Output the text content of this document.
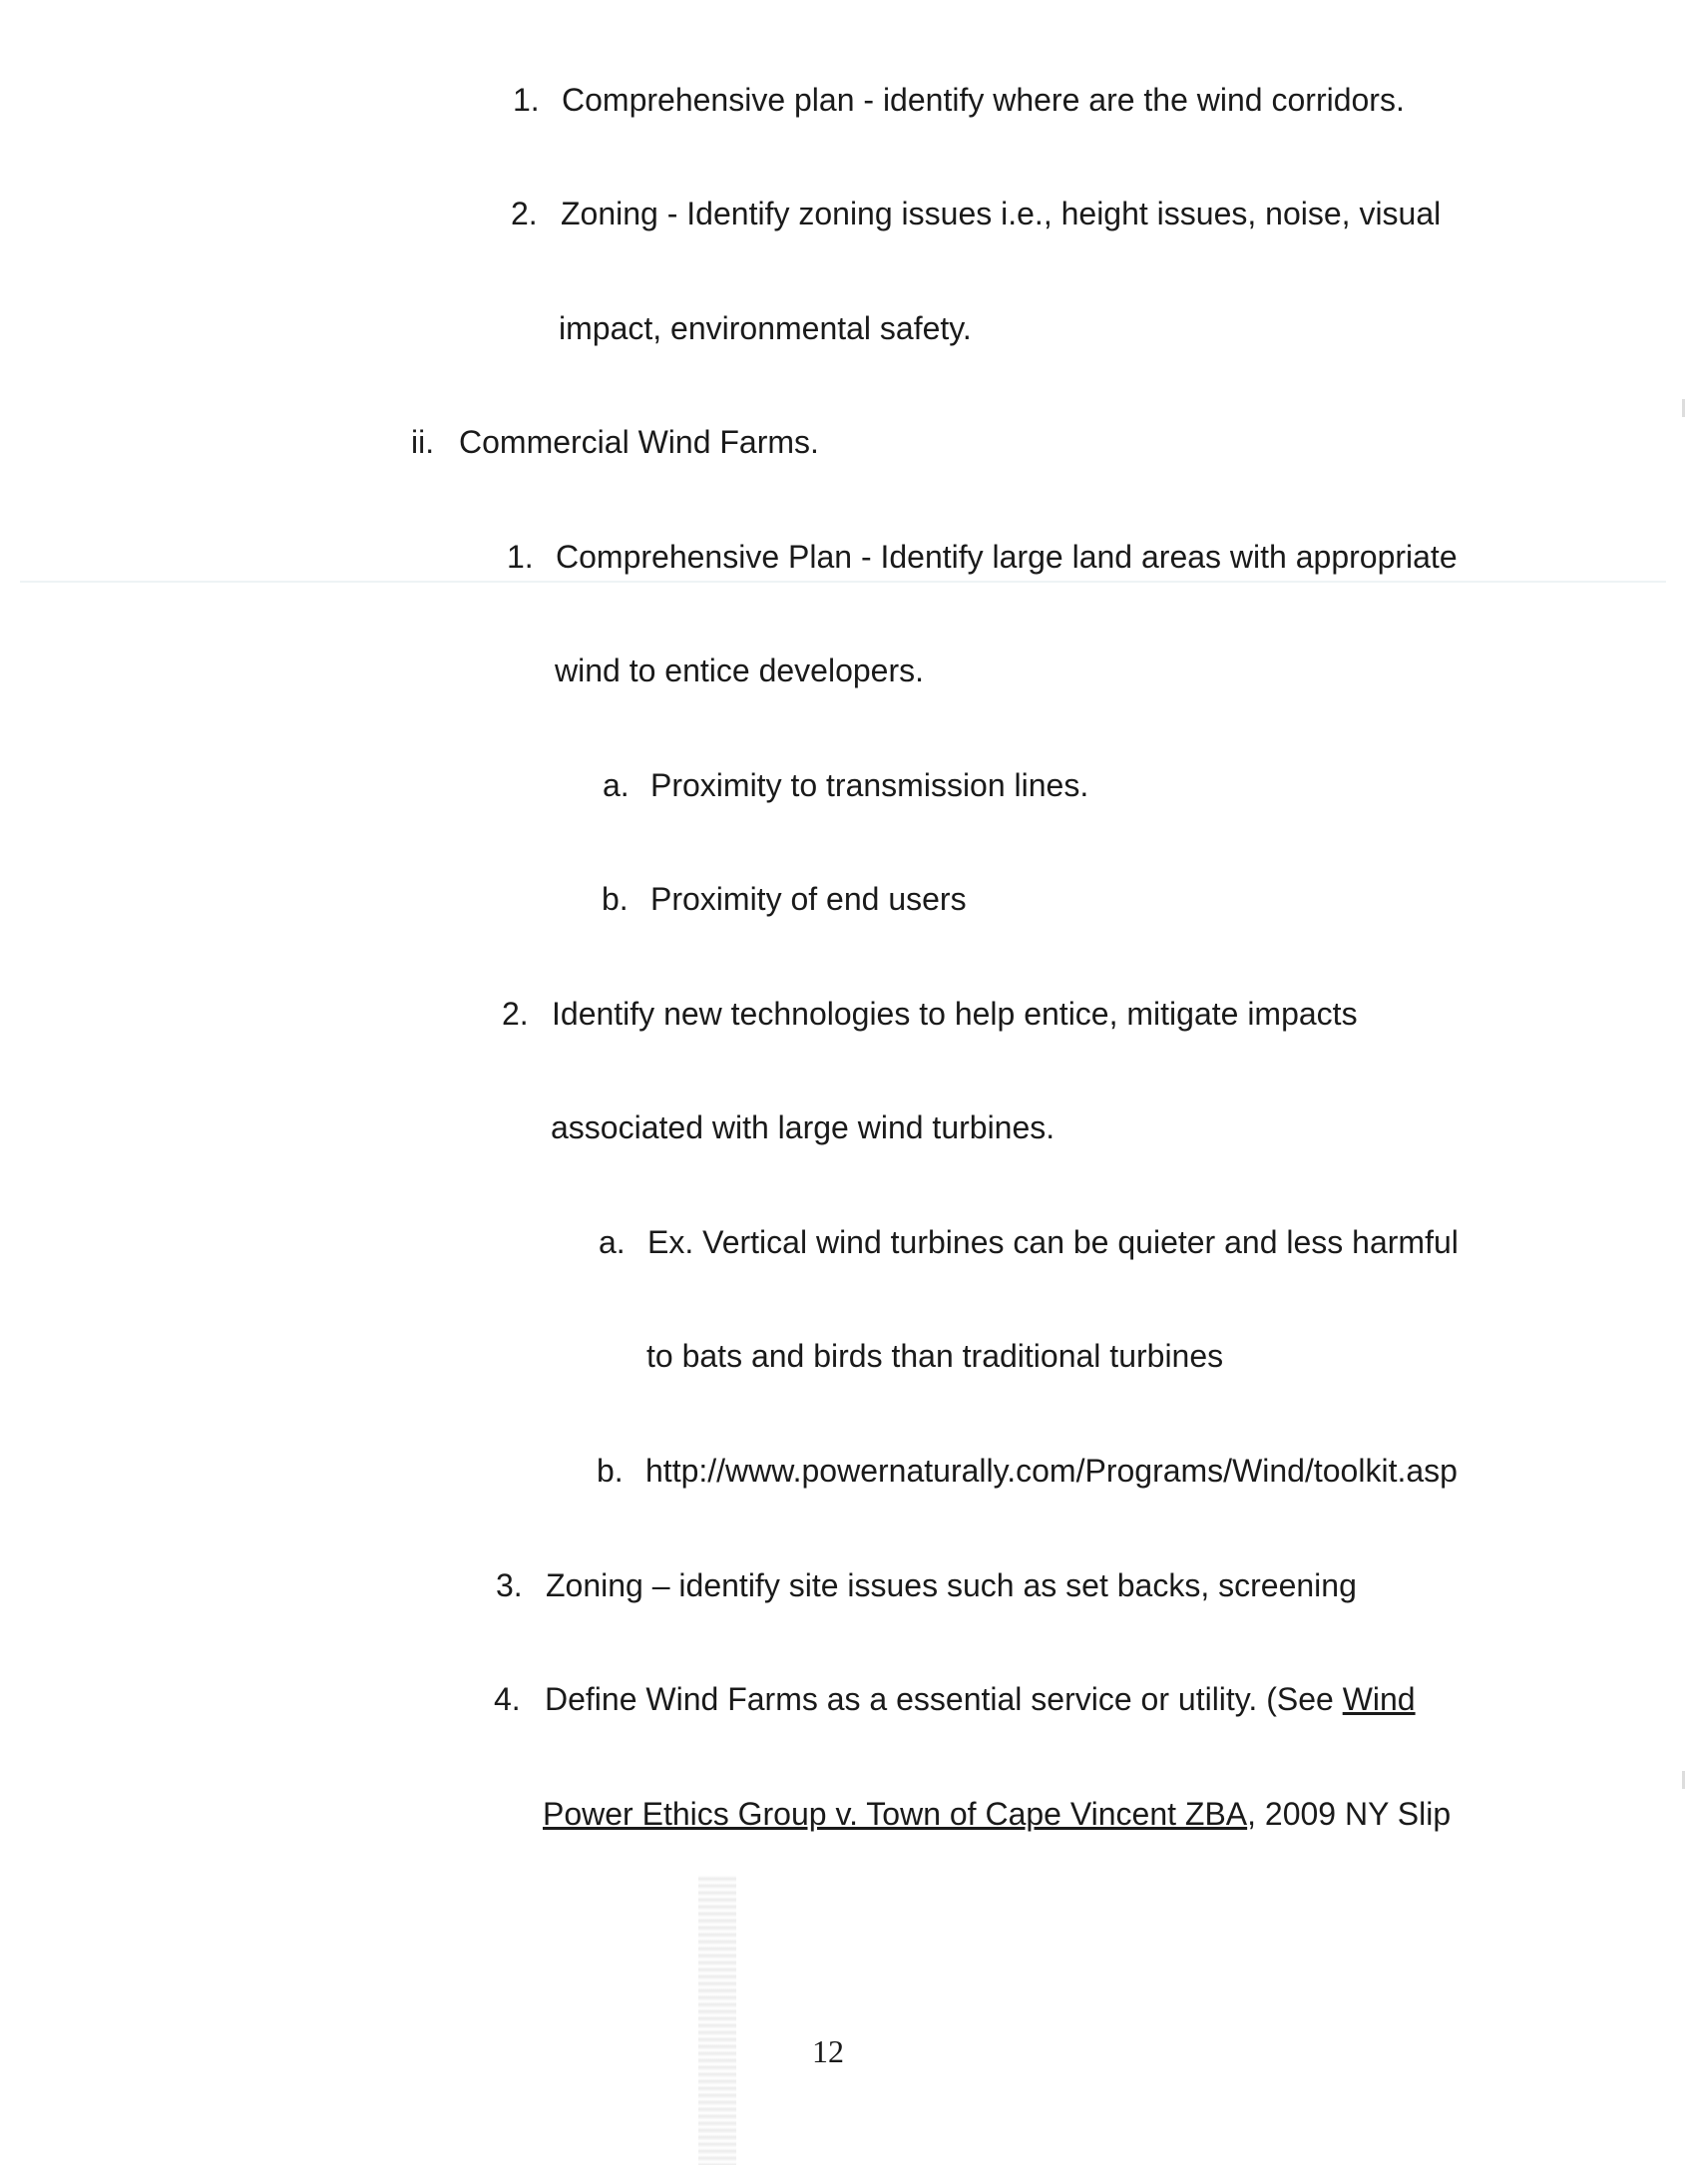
1. Comprehensive plan - identify where are the wind corridors.
2. Zoning - Identify zoning issues i.e., height issues, noise, visual
impact, environmental safety.
ii. Commercial Wind Farms.
1. Comprehensive Plan - Identify large land areas with appropriate
wind to entice developers.
a. Proximity to transmission lines.
b. Proximity of end users
2. Identify new technologies to help entice, mitigate impacts
associated with large wind turbines.
a. Ex. Vertical wind turbines can be quieter and less harmful
to bats and birds than traditional turbines
b. http://www.powernaturally.com/Programs/Wind/toolkit.asp
3. Zoning – identify site issues such as set backs, screening
4. Define Wind Farms as a essential service or utility. (See Wind
Power Ethics Group v. Town of Cape Vincent ZBA, 2009 NY Slip
12
